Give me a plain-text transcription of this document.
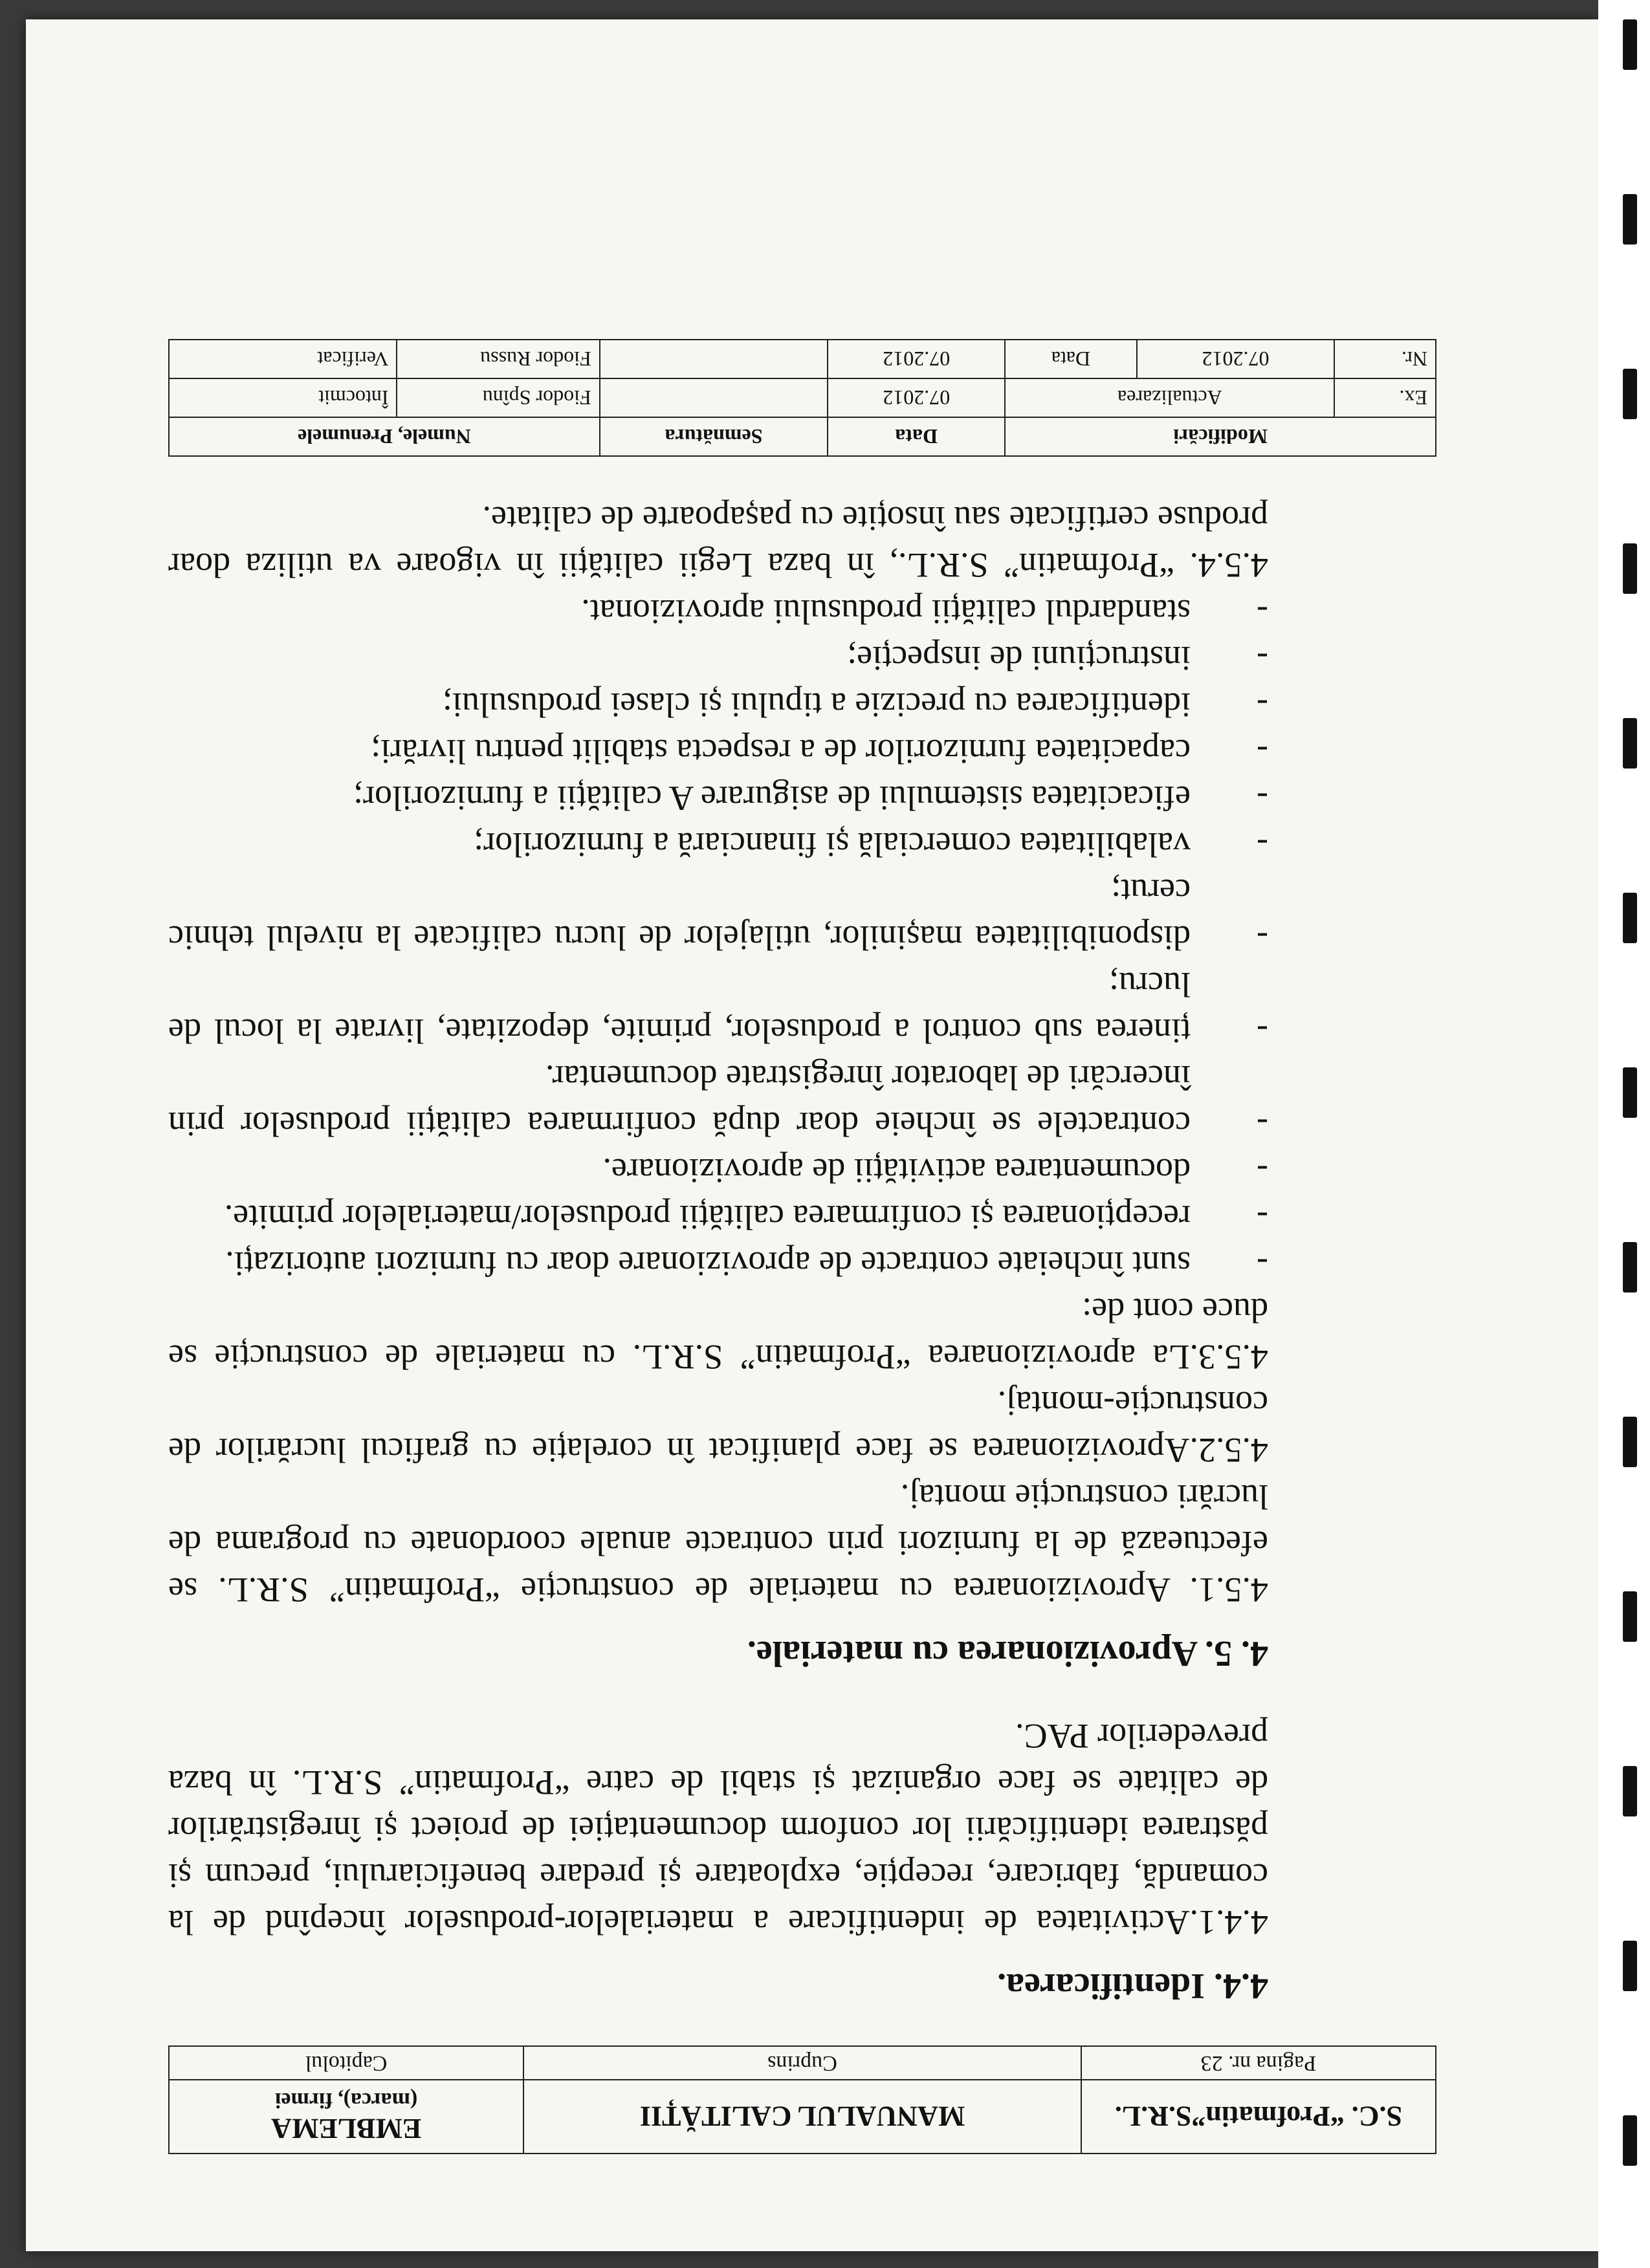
S.C. “Profmatin”S.R.L.	MANUALUL CALITĂȚII	EMBLEMA
(marca), firmei

Pagina nr. 23	Cuprins	Capitolul
4.4. Identificarea.

4.4.1.Activitatea de indentificare a materialelor-produselor începînd de la comandă, fabricare, recepție, exploatare și predare beneficiarului, precum și păstrarea identificării lor conform documentației de proiect și înregistrărilor de calitate se face organizat și stabil de catre “Profmatin” S.R.L. în baza prevederilor PAC.

4. 5. Aprovizionarea cu materiale.

4.5.1. Aprovizionarea cu materiale de construcție “Profmatin” S.R.L. se efectuează de la furnizori prin contracte anuale coordonate cu programa de lucrări construcție montaj.

4.5.2.Aprovizionarea se face planificat în corelație cu graficul lucrărilor de construcție-montaj.

4.5.3.La aprovizionarea “Profmatin” S.R.L. cu materiale de construcție se duce cont de:

- sunt încheiate contracte de aprovizionare doar cu furnizori autorizați.
- recepționarea și confirmarea calității produselor/materialelor primite.
- documentarea activității de aprovizionare.
- contractele se încheie doar după confirmarea calității produselor prin încercări de laborator înregistrate documentar.
- ținerea sub control a produselor, primite, depozitate, livrate la locul de lucru;
- disponibilitatea mașinilor, utilajelor de lucru calificate la nivelul tehnic cerut;
- valabilitatea comercială și financiară a furnizorilor;
- eficacitatea sistemului de asigurare A calității a furnizorilor;
- capacitatea furnizorilor de a respecta stabilit pentru livrări;
- identificarea cu precizie a tipului și clasei produsului;
- instrucțiuni de inspecție;
- standardul calității produsului aprovizionat.

4.5.4. “Profmatin” S.R.L., în baza Legii calității în vigoare va utiliza doar produse certificate sau însoțite cu pașapoarte de calitate.

Modificări			Data	Semnătura	Numele, Prenumele	
Ex.	Actualizarea		07.2012		Fiodor Spînu	Întocmit
Nr.	07.2012	Data	07.2012		Fiodor Russu	Verificat
